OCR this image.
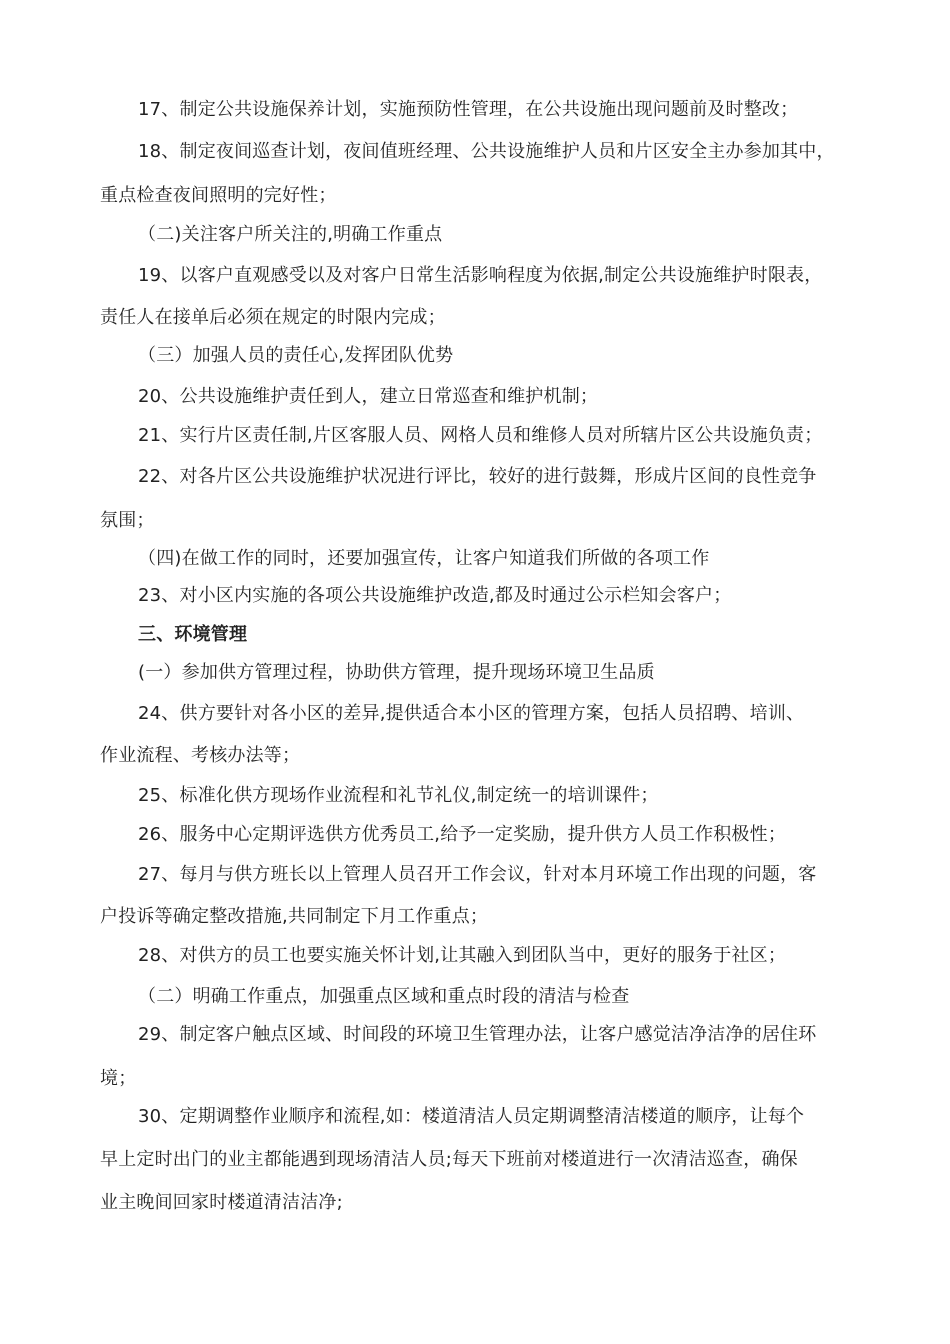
17、制定公共设施保养计划，实施预防性管理，在公共设施出现问题前及时整改；
18、制定夜间巡查计划，夜间值班经理、公共设施维护人员和片区安全主办参加其中，
重点检查夜间照明的完好性；
（二)关注客户所关注的,明确工作重点
19、以客户直观感受以及对客户日常生活影响程度为依据,制定公共设施维护时限表，
责任人在接单后必须在规定的时限内完成；
（三）加强人员的责任心,发挥团队优势
20、公共设施维护责任到人，建立日常巡查和维护机制；
21、实行片区责任制,片区客服人员、网格人员和维修人员对所辖片区公共设施负责；
22、对各片区公共设施维护状况进行评比，较好的进行鼓舞，形成片区间的良性竞争
氛围；
（四)在做工作的同时，还要加强宣传，让客户知道我们所做的各项工作
23、对小区内实施的各项公共设施维护改造,都及时通过公示栏知会客户；
三、环境管理
(一）参加供方管理过程，协助供方管理，提升现场环境卫生品质
24、供方要针对各小区的差异,提供适合本小区的管理方案，包括人员招聘、培训、
作业流程、考核办法等；
25、标准化供方现场作业流程和礼节礼仪,制定统一的培训课件；
26、服务中心定期评选供方优秀员工,给予一定奖励，提升供方人员工作积极性；
27、每月与供方班长以上管理人员召开工作会议，针对本月环境工作出现的问题，客
户投诉等确定整改措施,共同制定下月工作重点；
28、对供方的员工也要实施关怀计划,让其融入到团队当中，更好的服务于社区；
（二）明确工作重点，加强重点区域和重点时段的清洁与检查
29、制定客户触点区域、时间段的环境卫生管理办法，让客户感觉洁净洁净的居住环
境；
30、定期调整作业顺序和流程,如：楼道清洁人员定期调整清洁楼道的顺序，让每个
早上定时出门的业主都能遇到现场清洁人员;每天下班前对楼道进行一次清洁巡查，确保
业主晚间回家时楼道清洁洁净;
